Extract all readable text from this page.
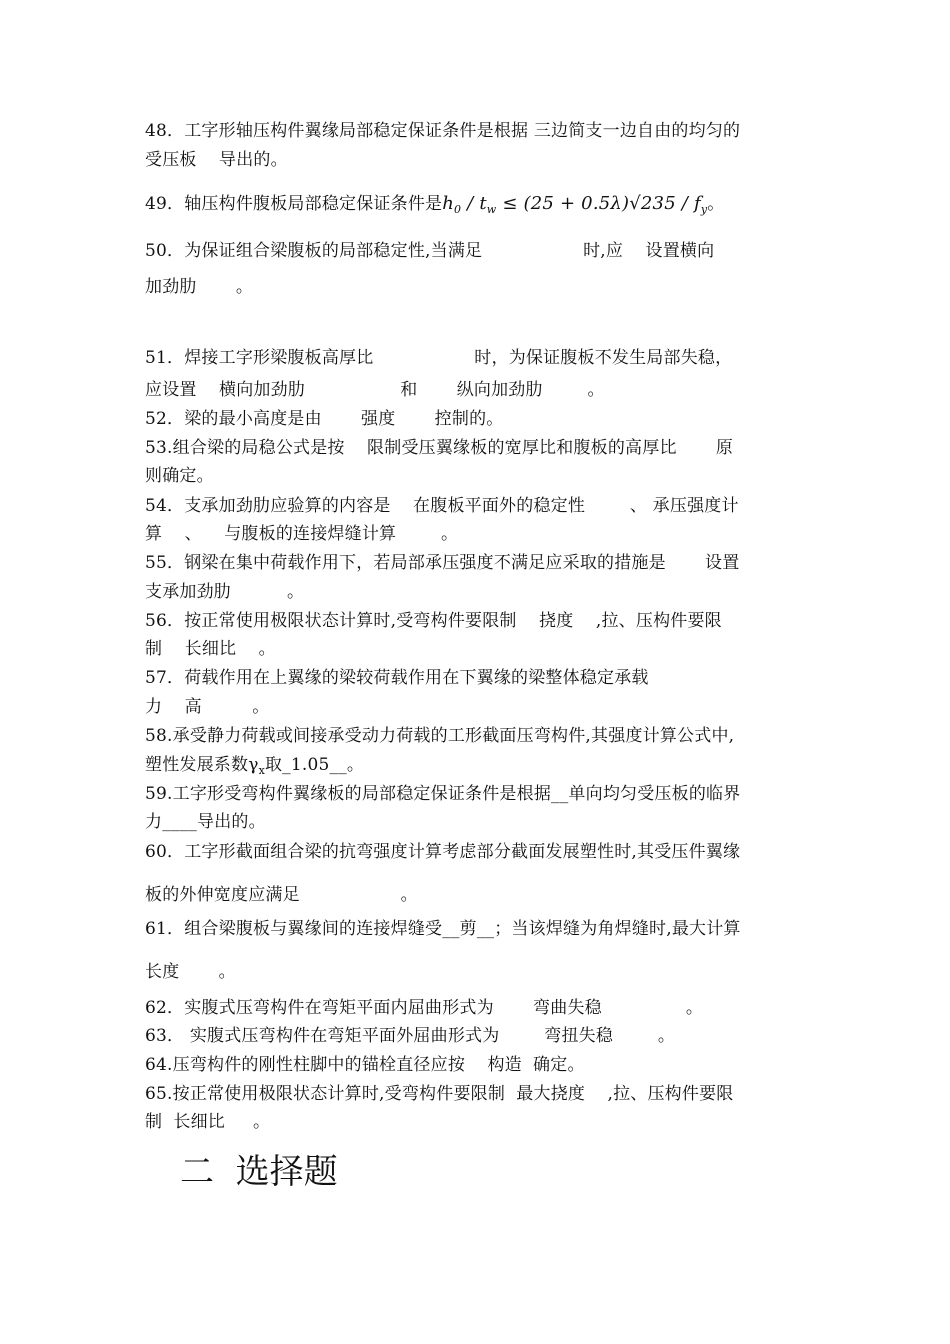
48．工字形轴压构件翼缘局部稳定保证条件是根据 三边简支一边自由的均匀的
受压板    导出的。
49．轴压构件腹板局部稳定保证条件是$h_0 / t_w \le (25 + 0.5\lambda)√235 / f_y$。
50．为保证组合梁腹板的局部稳定性,当满足                  时,应    设置横向
加劲肋       。
51．焊接工字形梁腹板高厚比                  时，为保证腹板不发生局部失稳，
应设置    横向加劲肋                 和       纵向加劲肋        。
52．梁的最小高度是由       强度       控制的。
53.组合梁的局稳公式是按    限制受压翼缘板的宽厚比和腹板的高厚比       原
则确定。
54．支承加劲肋应验算的内容是    在腹板平面外的稳定性        、 承压强度计
算    、    与腹板的连接焊缝计算        。
55．钢梁在集中荷载作用下，若局部承压强度不满足应采取的措施是       设置
支承加劲肋          。
56．按正常使用极限状态计算时,受弯构件要限制    挠度    ,拉、压构件要限
制    长细比    。
57．荷载作用在上翼缘的梁较荷载作用在下翼缘的梁整体稳定承载
力    高         。
58.承受静力荷载或间接承受动力荷载的工形截面压弯构件,其强度计算公式中,
塑性发展系数$\gamma_x$取_1.05__。
59.工字形受弯构件翼缘板的局部稳定保证条件是根据__单向均匀受压板的临界
力____导出的。
60．工字形截面组合梁的抗弯强度计算考虑部分截面发展塑性时,其受压件翼缘
板的外伸宽度应满足                  。
61．组合梁腹板与翼缘间的连接焊缝受__剪__；当该焊缝为角焊缝时,最大计算
长度       。
62．实腹式压弯构件在弯矩平面内屈曲形式为       弯曲失稳               。
63． 实腹式压弯构件在弯矩平面外屈曲形式为        弯扭失稳        。
64.压弯构件的刚性柱脚中的锚栓直径应按    构造  确定。
65.按正常使用极限状态计算时,受弯构件要限制  最大挠度    ,拉、压构件要限
制  长细比     。
二  选择题
